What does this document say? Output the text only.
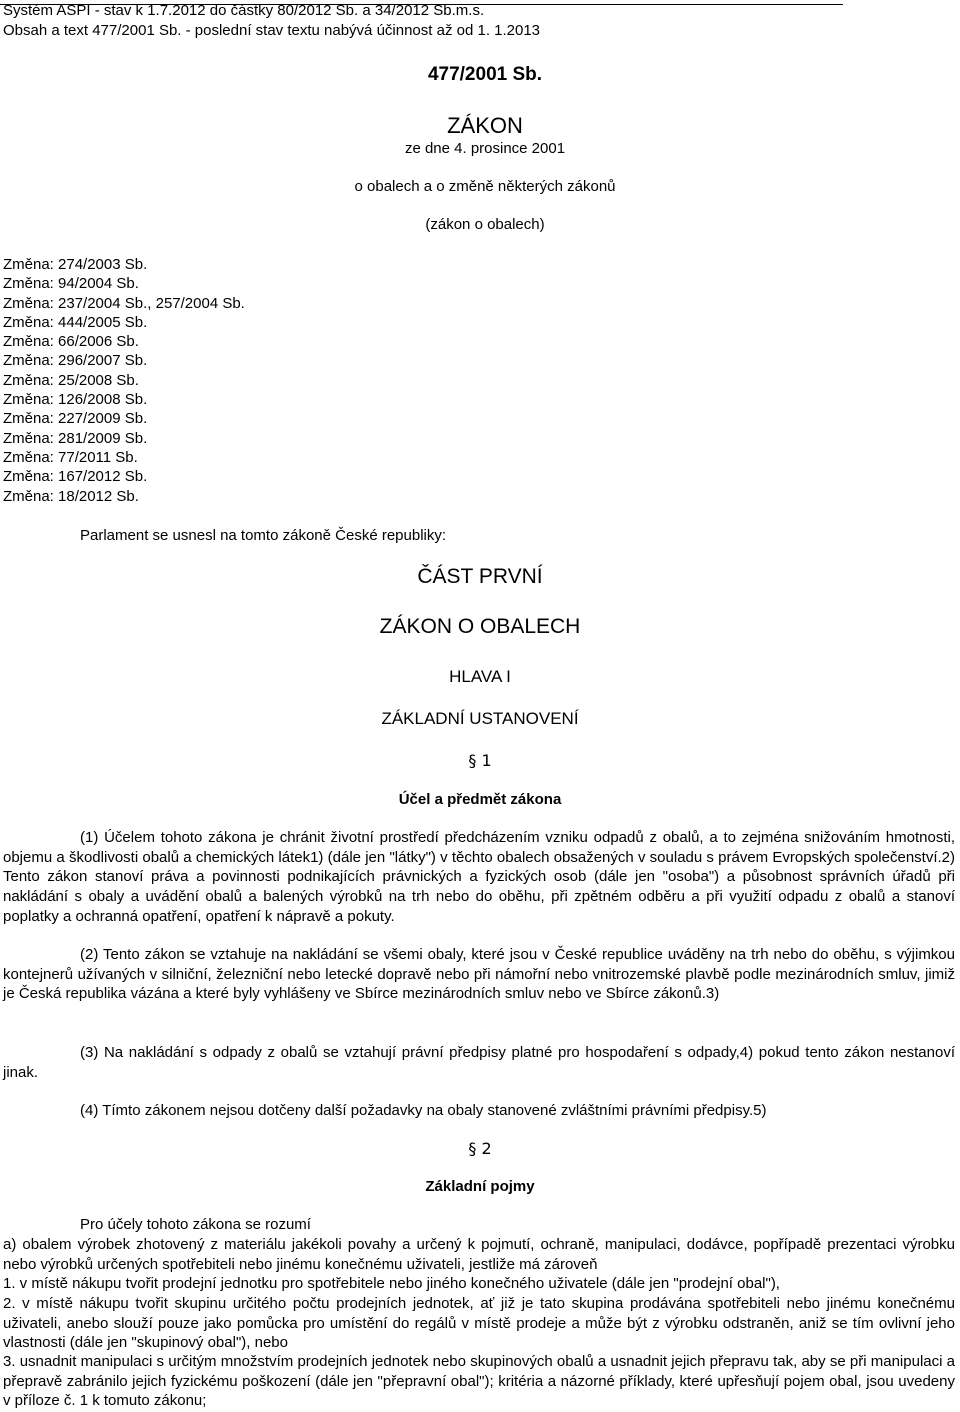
Systém ASPI - stav k 1.7.2012 do částky 80/2012 Sb. a 34/2012 Sb.m.s.
Obsah a text 477/2001 Sb. - poslední stav textu nabývá účinnost až od 1. 1.2013
477/2001 Sb.
ZÁKON
ze dne 4. prosince 2001
o obalech a o změně některých zákonů
(zákon o obalech)
Změna: 274/2003 Sb.
Změna: 94/2004 Sb.
Změna: 237/2004 Sb., 257/2004 Sb.
Změna: 444/2005 Sb.
Změna: 66/2006 Sb.
Změna: 296/2007 Sb.
Změna: 25/2008 Sb.
Změna: 126/2008 Sb.
Změna: 227/2009 Sb.
Změna: 281/2009 Sb.
Změna: 77/2011 Sb.
Změna: 167/2012 Sb.
Změna: 18/2012 Sb.
Parlament se usnesl na tomto zákoně České republiky:
ČÁST PRVNÍ
ZÁKON O OBALECH
HLAVA I
ZÁKLADNÍ USTANOVENÍ
§ 1
Účel a předmět zákona
(1) Účelem tohoto zákona je chránit životní prostředí předcházením vzniku odpadů z obalů, a to zejména snižováním hmotnosti, objemu a škodlivosti obalů a chemických látek1) (dále jen "látky") v těchto obalech obsažených v souladu s právem Evropských společenství.2) Tento zákon stanoví práva a povinnosti podnikajících právnických a fyzických osob (dále jen "osoba") a působnost správních úřadů při nakládání s obaly a uvádění obalů a balených výrobků na trh nebo do oběhu, při zpětném odběru a při využití odpadu z obalů a stanoví poplatky a ochranná opatření, opatření k nápravě a pokuty.
(2) Tento zákon se vztahuje na nakládání se všemi obaly, které jsou v České republice uváděny na trh nebo do oběhu, s výjimkou kontejnerů užívaných v silniční, železniční nebo letecké dopravě nebo při námořní nebo vnitrozemské plavbě podle mezinárodních smluv, jimiž je Česká republika vázána a které byly vyhlášeny ve Sbírce mezinárodních smluv nebo ve Sbírce zákonů.3)
(3) Na nakládání s odpady z obalů se vztahují právní předpisy platné pro hospodaření s odpady,4) pokud tento zákon nestanoví jinak.
(4) Tímto zákonem nejsou dotčeny další požadavky na obaly stanovené zvláštními právními předpisy.5)
§ 2
Základní pojmy
Pro účely tohoto zákona se rozumí
a) obalem výrobek zhotovený z materiálu jakékoli povahy a určený k pojmutí, ochraně, manipulaci, dodávce, popřípadě prezentaci výrobku nebo výrobků určených spotřebiteli nebo jinému konečnému uživateli, jestliže má zároveň
1. v místě nákupu tvořit prodejní jednotku pro spotřebitele nebo jiného konečného uživatele (dále jen "prodejní obal"),
2. v místě nákupu tvořit skupinu určitého počtu prodejních jednotek, ať již je tato skupina prodávána spotřebiteli nebo jinému konečnému uživateli, anebo slouží pouze jako pomůcka pro umístění do regálů v místě prodeje a může být z výrobku odstraněn, aniž se tím ovlivní jeho vlastnosti (dále jen "skupinový obal"), nebo
3. usnadnit manipulaci s určitým množstvím prodejních jednotek nebo skupinových obalů a usnadnit jejich přepravu tak, aby se při manipulaci a přepravě zabránilo jejich fyzickému poškození (dále jen "přepravní obal"); kritéria a názorné příklady, které upřesňují pojem obal, jsou uvedeny v příloze č. 1 k tomuto zákonu;
